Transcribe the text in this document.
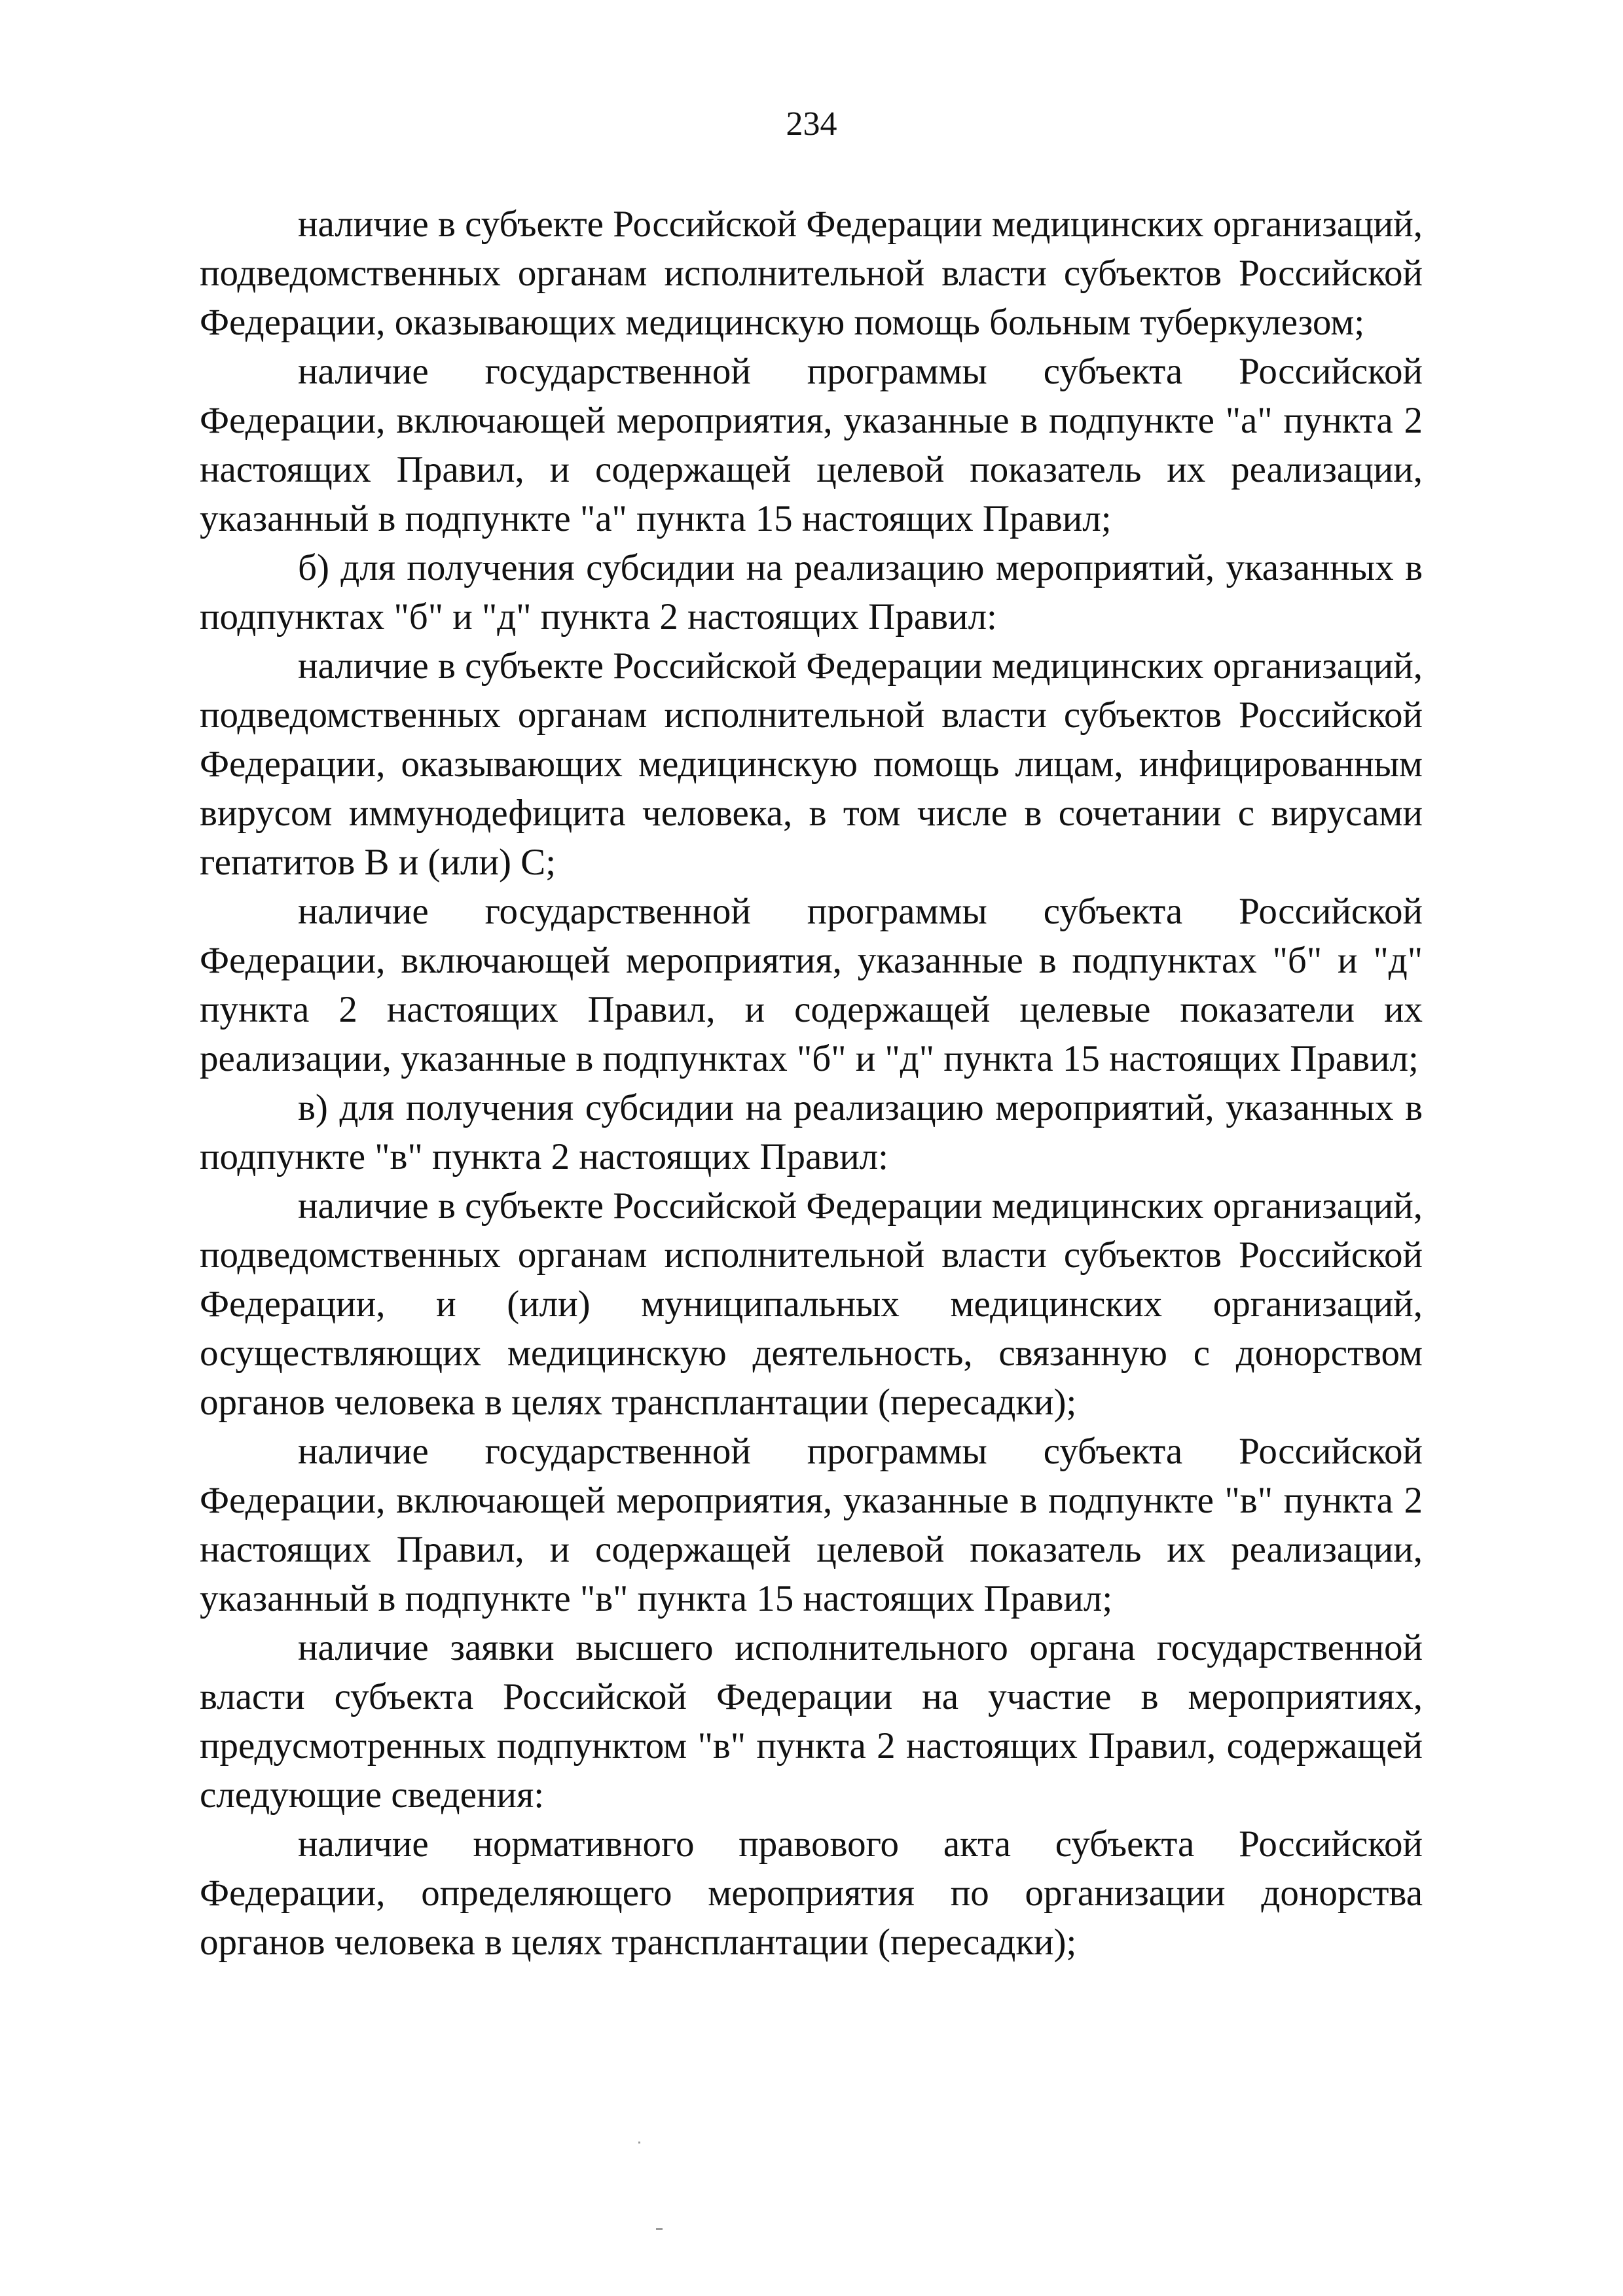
234

наличие в субъекте Российской Федерации медицинских организаций, подведомственных органам исполнительной власти субъектов Российской Федерации, оказывающих медицинскую помощь больным туберкулезом;

наличие государственной программы субъекта Российской Федерации, включающей мероприятия, указанные в подпункте "а" пункта 2 настоящих Правил, и содержащей целевой показатель их реализации, указанный в подпункте "а" пункта 15 настоящих Правил;

б) для получения субсидии на реализацию мероприятий, указанных в подпунктах "б" и "д" пункта 2 настоящих Правил:

наличие в субъекте Российской Федерации медицинских организаций, подведомственных органам исполнительной власти субъектов Российской Федерации, оказывающих медицинскую помощь лицам, инфицированным вирусом иммунодефицита человека, в том числе в сочетании с вирусами гепатитов B и (или) C;

наличие государственной программы субъекта Российской Федерации, включающей мероприятия, указанные в подпунктах "б" и "д" пункта 2 настоящих Правил, и содержащей целевые показатели их реализации, указанные в подпунктах "б" и "д" пункта 15 настоящих Правил;

в) для получения субсидии на реализацию мероприятий, указанных в подпункте "в" пункта 2 настоящих Правил:

наличие в субъекте Российской Федерации медицинских организаций, подведомственных органам исполнительной власти субъектов Российской Федерации, и (или) муниципальных медицинских организаций, осуществляющих медицинскую деятельность, связанную с донорством органов человека в целях трансплантации (пересадки);

наличие государственной программы субъекта Российской Федерации, включающей мероприятия, указанные в подпункте "в" пункта 2 настоящих Правил, и содержащей целевой показатель их реализации, указанный в подпункте "в" пункта 15 настоящих Правил;

наличие заявки высшего исполнительного органа государственной власти субъекта Российской Федерации на участие в мероприятиях, предусмотренных подпунктом "в" пункта 2 настоящих Правил, содержащей следующие сведения:

наличие нормативного правового акта субъекта Российской Федерации, определяющего мероприятия по организации донорства органов человека в целях трансплантации (пересадки);
